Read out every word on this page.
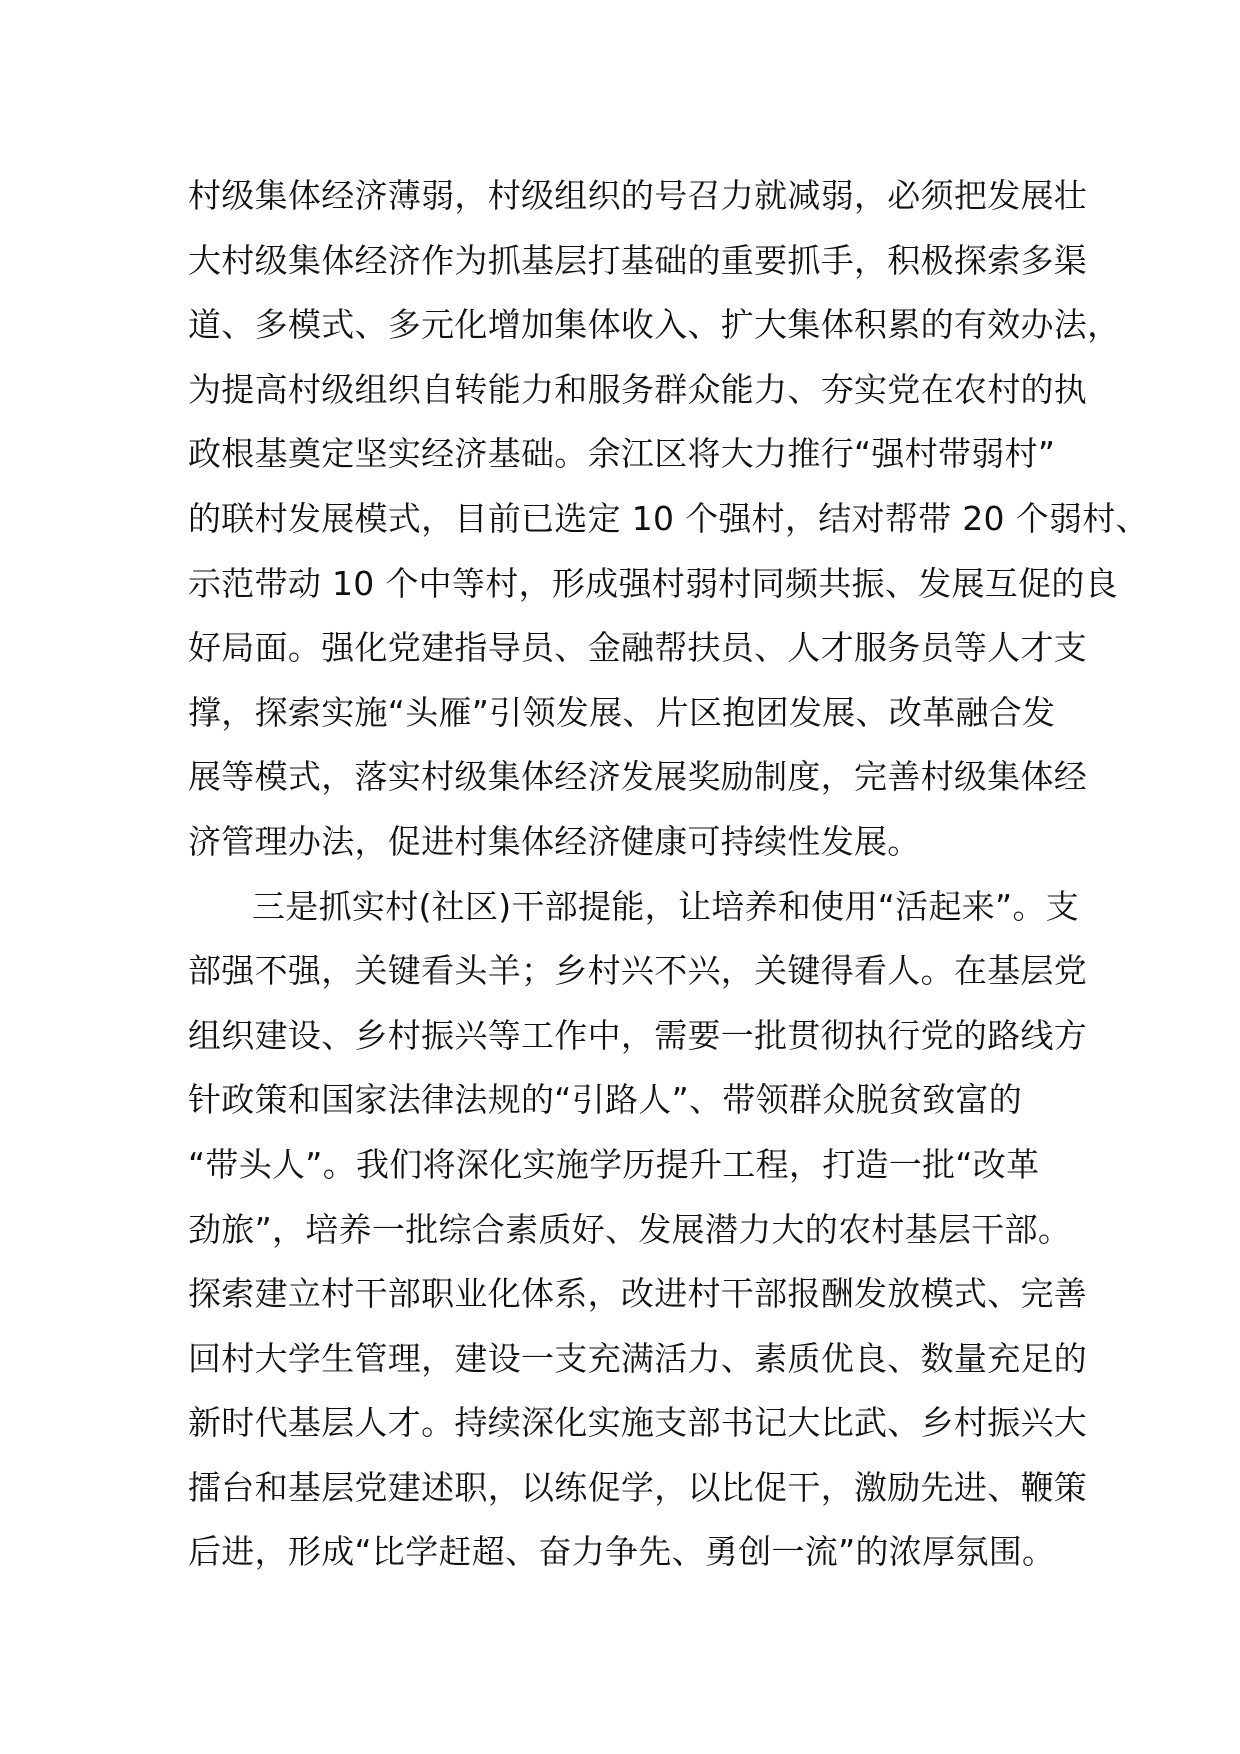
村级集体经济薄弱，村级组织的号召力就减弱，必须把发展壮
大村级集体经济作为抓基层打基础的重要抓手，积极探索多渠
道、多模式、多元化增加集体收入、扩大集体积累的有效办法，
为提高村级组织自转能力和服务群众能力、夯实党在农村的执
政根基奠定坚实经济基础。余江区将大力推行“强村带弱村”
的联村发展模式，目前已选定 10 个强村，结对帮带 20 个弱村、
示范带动 10 个中等村，形成强村弱村同频共振、发展互促的良
好局面。强化党建指导员、金融帮扶员、人才服务员等人才支
撑，探索实施“头雁”引领发展、片区抱团发展、改革融合发
展等模式，落实村级集体经济发展奖励制度，完善村级集体经
济管理办法，促进村集体经济健康可持续性发展。
三是抓实村(社区)干部提能，让培养和使用“活起来”。支
部强不强，关键看头羊；乡村兴不兴，关键得看人。在基层党
组织建设、乡村振兴等工作中，需要一批贯彻执行党的路线方
针政策和国家法律法规的“引路人”、带领群众脱贫致富的
“带头人”。我们将深化实施学历提升工程，打造一批“改革
劲旅”，培养一批综合素质好、发展潜力大的农村基层干部。
探索建立村干部职业化体系，改进村干部报酬发放模式、完善
回村大学生管理，建设一支充满活力、素质优良、数量充足的
新时代基层人才。持续深化实施支部书记大比武、乡村振兴大
擂台和基层党建述职，以练促学，以比促干，激励先进、鞭策
后进，形成“比学赶超、奋力争先、勇创一流”的浓厚氛围。
